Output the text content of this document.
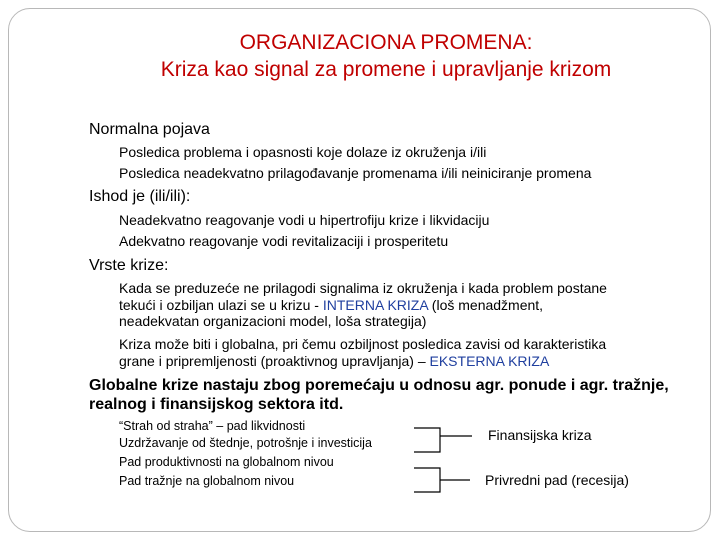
ORGANIZACIONA PROMENA:
Kriza kao signal za promene i upravljanje krizom
Normalna pojava
Posledica problema i opasnosti koje dolaze iz okruženja i/ili
Posledica neadekvatno prilagođavanje promenama i/ili neiniciranje promena
Ishod je (ili/ili):
Neadekvatno reagovanje vodi u hipertrofiju krize i likvidaciju
Adekvatno reagovanje vodi revitalizaciji i prosperitetu
Vrste krize:
Kada se preduzeće ne prilagodi signalima iz okruženja i kada problem postane
tekući i ozbiljan ulazi se u krizu - INTERNA KRIZA (loš menadžment,
neadekvatan organizacioni model, loša strategija)
Kriza može biti i globalna, pri čemu ozbiljnost posledica zavisi od karakteristika
grane i pripremljenosti (proaktivnog upravljanja) – EKSTERNA KRIZA
Globalne krize nastaju zbog poremećaju u odnosu agr. ponude i agr. tražnje,
realnog i finansijskog sektora itd.
“Strah od straha” – pad likvidnosti
Uzdržavanje od štednje, potrošnje i investicija
Pad produktivnosti na globalnom nivou
Pad tražnje na globalnom nivou
Finansijska kriza
Privredni pad (recesija)
